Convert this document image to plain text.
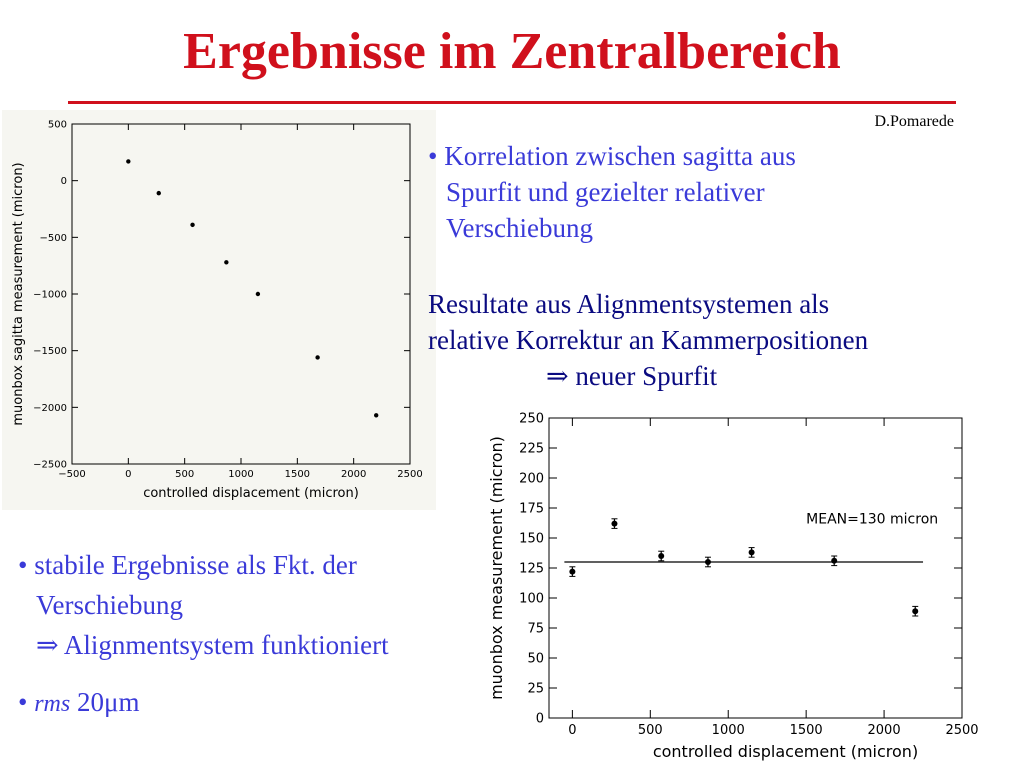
Ergebnisse im Zentralbereich
D.Pomarede
−500	0	500	1000	1500	2000	2500
−2500
−2000
−1500
−1000
−500
0
500
controlled displacement (micron)
muonbox sagitta measurement (micron)
0	500	1000	1500	2000	2500
0
25
50
75
100
125
150
175
200
225
250
controlled displacement (micron)
muonbox measurement (micron)	MEAN=130 micron
• Korrelation zwischen sagitta aus
Spurfit und gezielter relativer
Verschiebung
Resultate aus Alignmentsystemen als
relative Korrektur an Kammerpositionen
⇒ neuer Spurfit
• stabile Ergebnisse als Fkt. der
Verschiebung
⇒ Alignmentsystem funktioniert
• rms 20μm
